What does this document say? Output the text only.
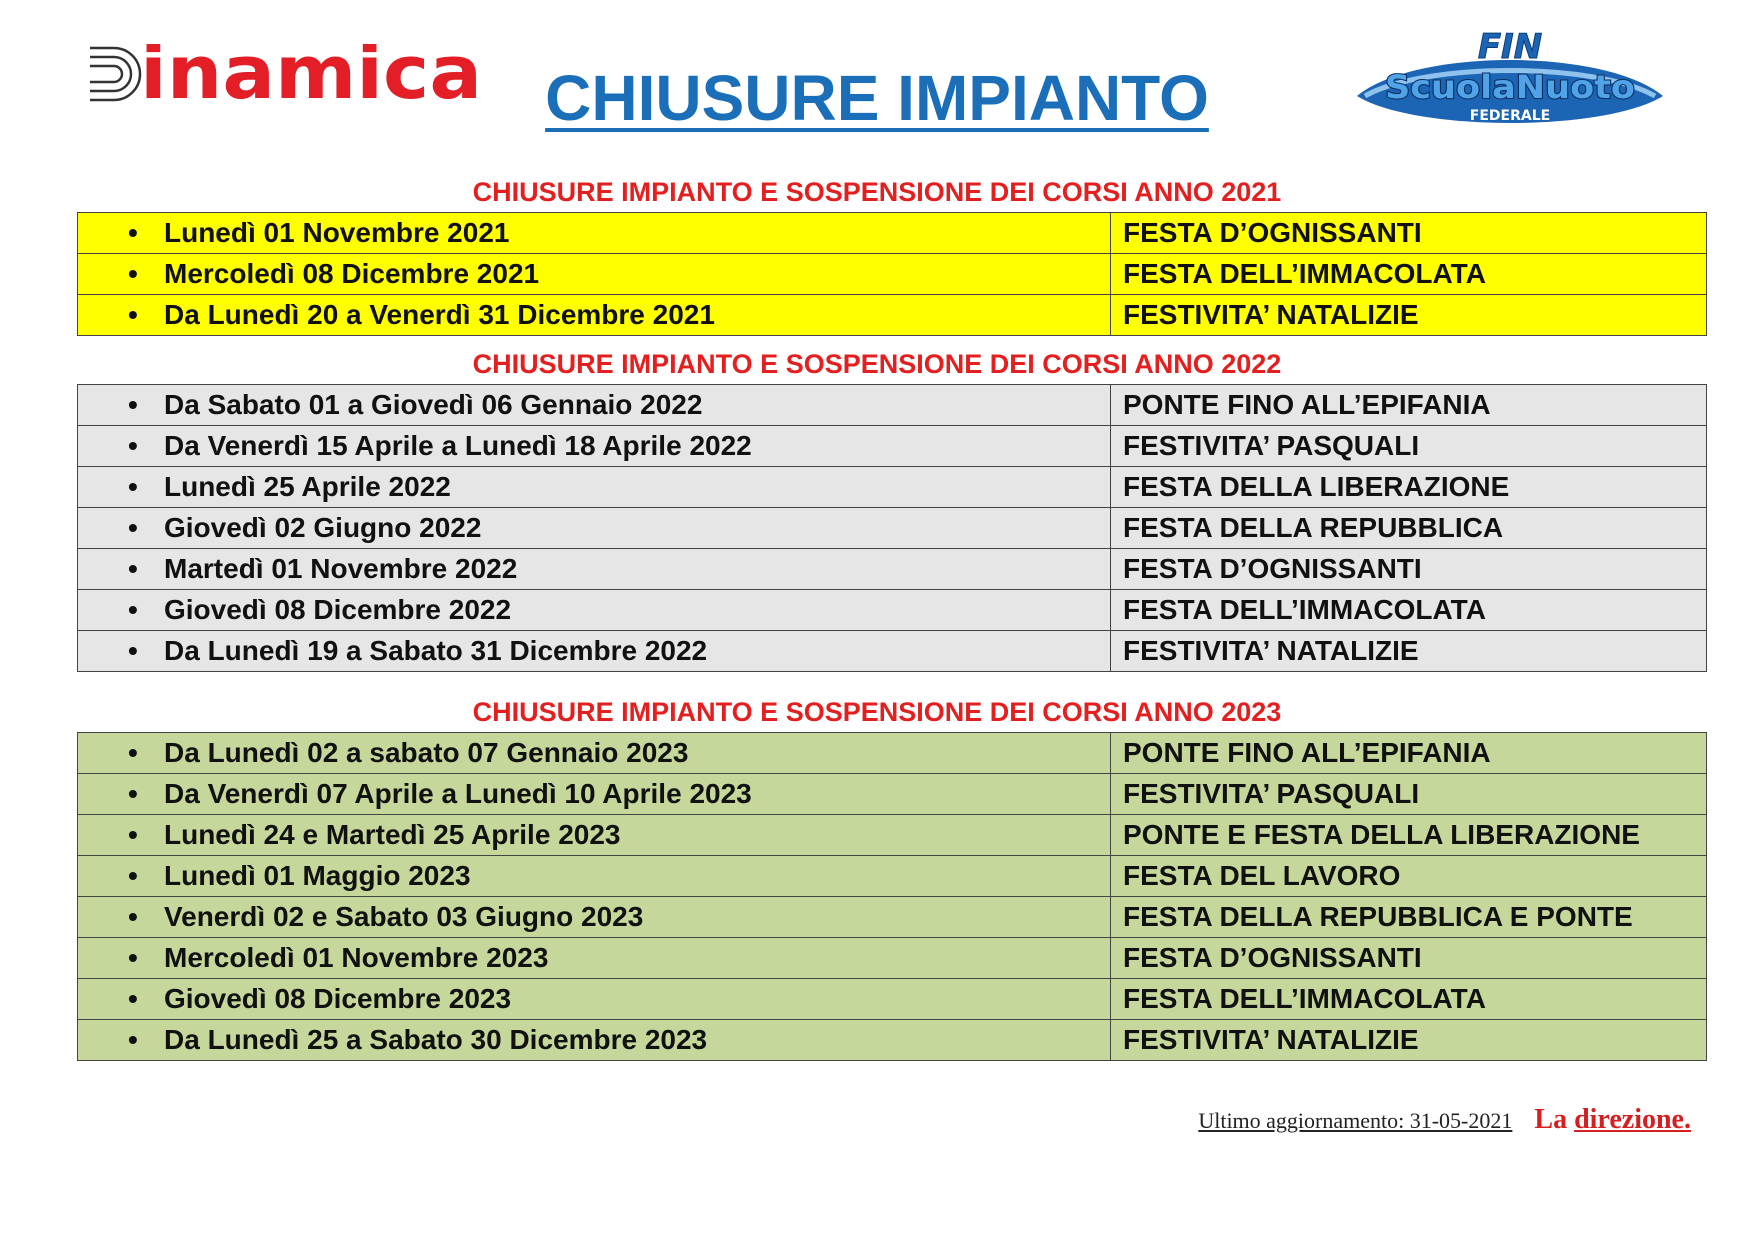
inamica CHIUSURE IMPIANTO
FIN
ScuolaNuoto
FEDERALE
CHIUSURE IMPIANTO E SOSPENSIONE DEI CORSI ANNO 2021
• Lunedì 01 Novembre 2021	FESTA D’OGNISSANTI
• Mercoledì 08 Dicembre 2021	FESTA DELL’IMMACOLATA
• Da Lunedì 20 a Venerdì 31 Dicembre 2021	FESTIVITA’ NATALIZIE
CHIUSURE IMPIANTO E SOSPENSIONE DEI CORSI ANNO 2022
• Da Sabato 01 a Giovedì 06 Gennaio 2022	PONTE FINO ALL’EPIFANIA
• Da Venerdì 15 Aprile a Lunedì 18 Aprile 2022	FESTIVITA’ PASQUALI
• Lunedì 25 Aprile 2022	FESTA DELLA LIBERAZIONE
• Giovedì 02 Giugno 2022	FESTA DELLA REPUBBLICA
• Martedì 01 Novembre 2022	FESTA D’OGNISSANTI
• Giovedì 08 Dicembre 2022	FESTA DELL’IMMACOLATA
• Da Lunedì 19 a Sabato 31 Dicembre 2022	FESTIVITA’ NATALIZIE
CHIUSURE IMPIANTO E SOSPENSIONE DEI CORSI ANNO 2023
• Da Lunedì 02 a sabato 07 Gennaio 2023	PONTE FINO ALL’EPIFANIA
• Da Venerdì 07 Aprile a Lunedì 10 Aprile 2023	FESTIVITA’ PASQUALI
• Lunedì 24 e Martedì 25 Aprile 2023	PONTE E FESTA DELLA LIBERAZIONE
• Lunedì 01 Maggio 2023	FESTA DEL LAVORO
• Venerdì 02 e Sabato 03 Giugno 2023	FESTA DELLA REPUBBLICA E PONTE
• Mercoledì 01 Novembre 2023	FESTA D’OGNISSANTI
• Giovedì 08 Dicembre 2023	FESTA DELL’IMMACOLATA
• Da Lunedì 25 a Sabato 30 Dicembre 2023	FESTIVITA’ NATALIZIE
Ultimo aggiornamento: 31-05-2021 La direzione.
